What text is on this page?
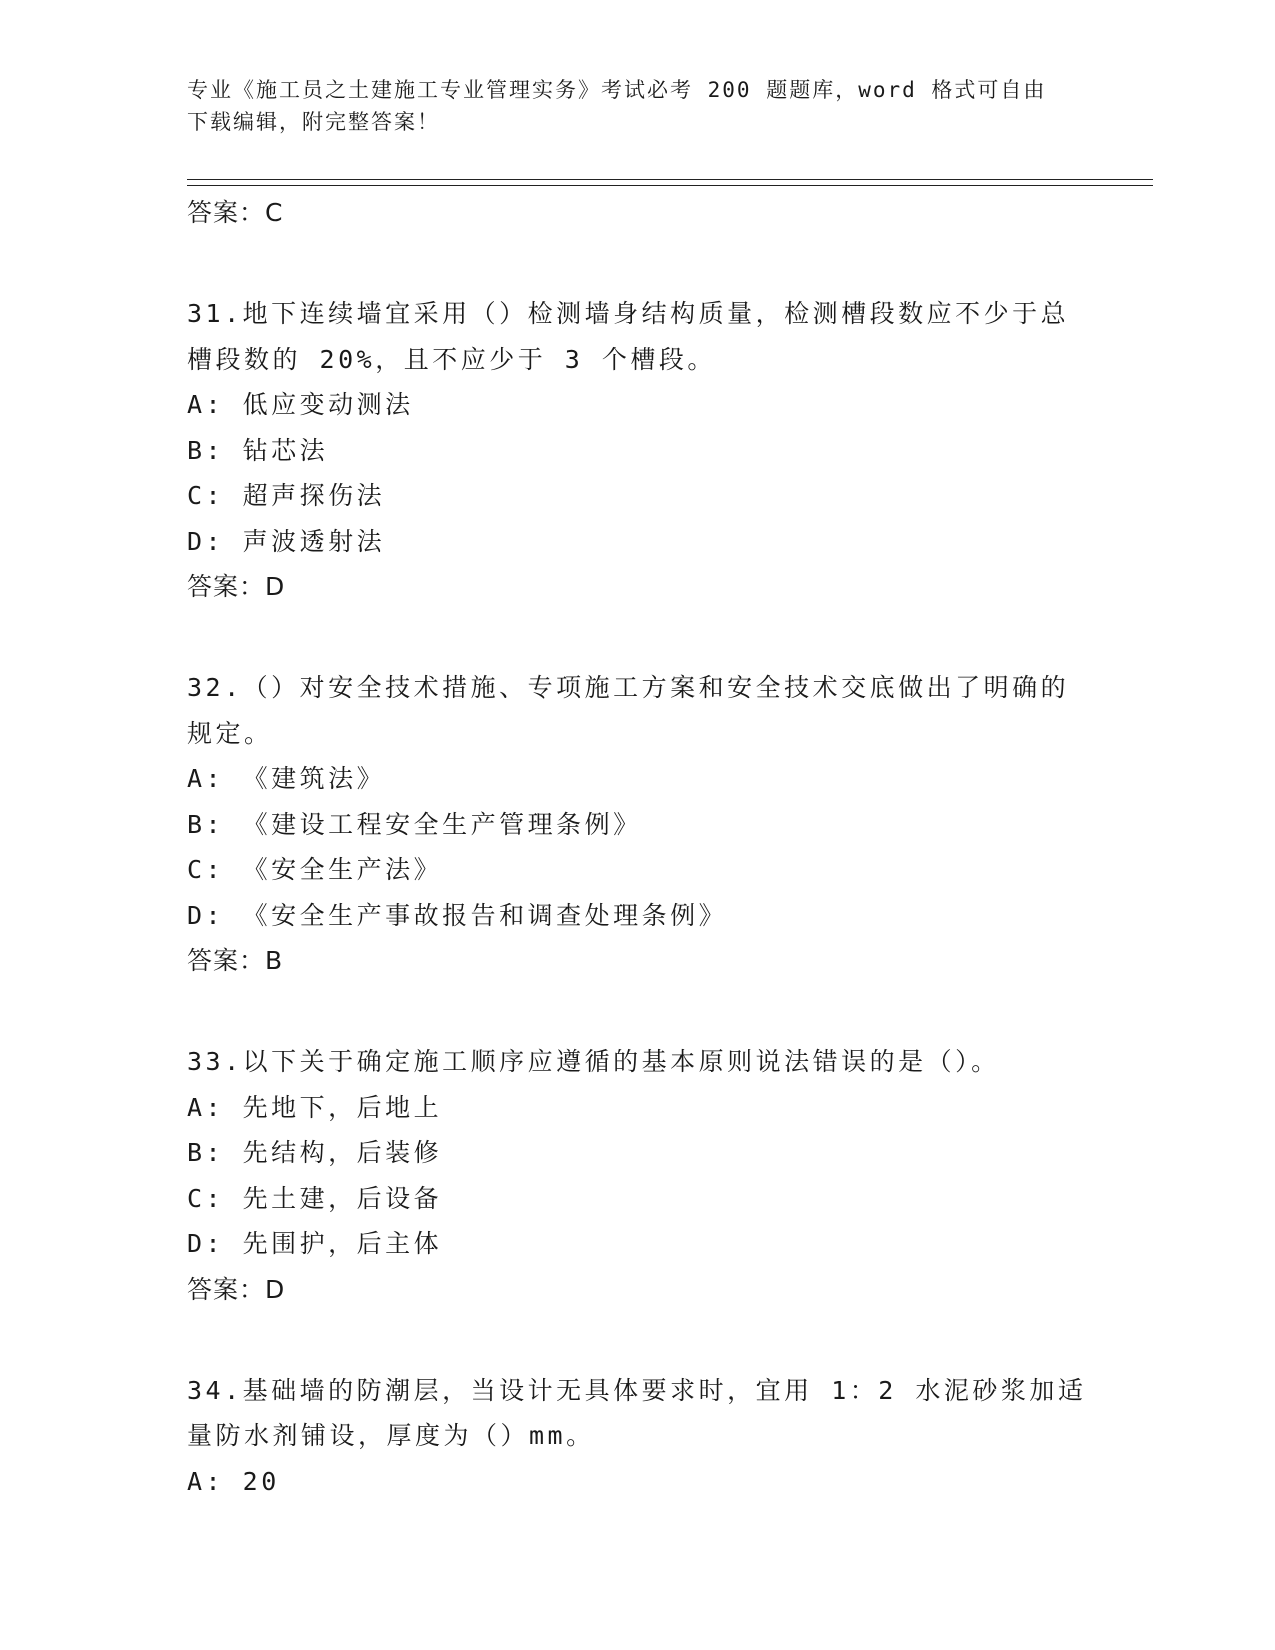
专业《施工员之土建施工专业管理实务》考试必考 200 题题库，word 格式可自由下载编辑，附完整答案！
答案：C
31.地下连续墙宜采用（）检测墙身结构质量，检测槽段数应不少于总槽段数的 20%，且不应少于 3 个槽段。
A: 低应变动测法
B: 钻芯法
C: 超声探伤法
D: 声波透射法
答案：D
32.（）对安全技术措施、专项施工方案和安全技术交底做出了明确的规定。
A: 《建筑法》
B: 《建设工程安全生产管理条例》
C: 《安全生产法》
D: 《安全生产事故报告和调查处理条例》
答案：B
33.以下关于确定施工顺序应遵循的基本原则说法错误的是（）。
A: 先地下，后地上
B: 先结构，后装修
C: 先土建，后设备
D: 先围护，后主体
答案：D
34.基础墙的防潮层，当设计无具体要求时，宜用 1：2 水泥砂浆加适量防水剂铺设，厚度为（）mm。
A: 20
